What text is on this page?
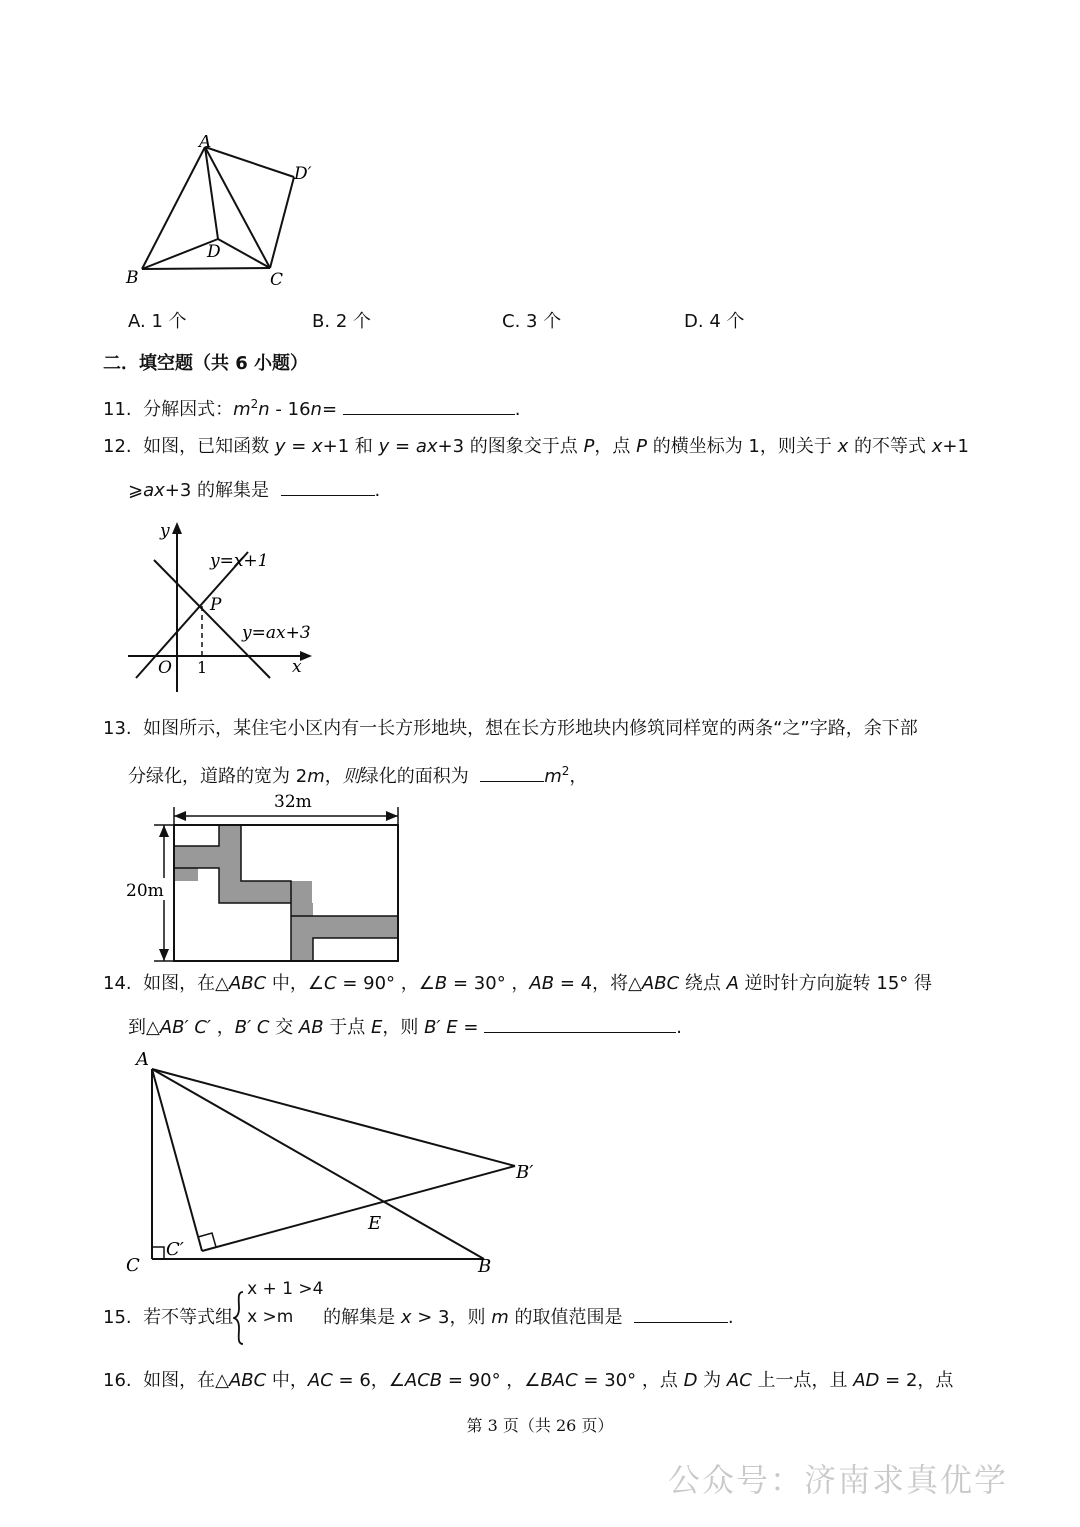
A
D′
D
B	C
A. 1 个	B. 2 个	C. 3 个	D. 4 个
二．填空题（共 6 小题）
11. 分解因式：$m^2n - 16n=$	.
12. 如图，已知函数 y = x+1 和 y = ax+3 的图象交于点 P，点 P 的横坐标为 1，则关于 x 的不等式 x+1
⩾ax+3 的解集是	.
y
x
O 1
P
y=x+1
y=ax+3
13. 如图所示，某住宅小区内有一长方形地块，想在长方形地块内修筑同样宽的两条“之”字路，余下部
分绿化，道路的宽为 2m，则绿化的面积为	$m^2$，
32m
20m
14. 如图，在△ABC 中，∠C = 90° ，∠B = 30° ，AB = 4，将△ABC 绕点 A 逆时针方向旋转 15° 得
到△AB′ C′ ，B′ C 交 AB 于点 E，则 B′ E =	.
A
B′
E
C′
C	B
15. 若不等式组
x + 1 >4
x >m 的解集是 x > 3，则 m 的取值范围是	.
16. 如图，在△ABC 中，AC = 6，∠ACB = 90° ，∠BAC = 30° ，点 D 为 AC 上一点，且 AD = 2，点
第 3 页（共 26 页）
公众号：济南求真优学
